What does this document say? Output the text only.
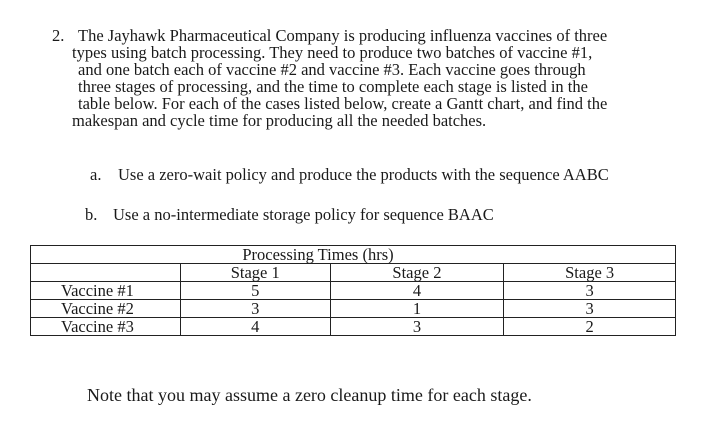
2. The Jayhawk Pharmaceutical Company is producing influenza vaccines of three
types using batch processing. They need to produce two batches of vaccine #1,
and one batch each of vaccine #2 and vaccine #3. Each vaccine goes through
three stages of processing, and the time to complete each stage is listed in the
table below. For each of the cases listed below, create a Gantt chart, and find the
makespan and cycle time for producing all the needed batches.
a. Use a zero-wait policy and produce the products with the sequence AABC
b. Use a no-intermediate storage policy for sequence BAAC
	Processing Times (hrs)		
	Stage 1	Stage 2	Stage 3
Vaccine #1	5	4	3
Vaccine #2	3	1	3
Vaccine #3	4	3	2
Note that you may assume a zero cleanup time for each stage.
